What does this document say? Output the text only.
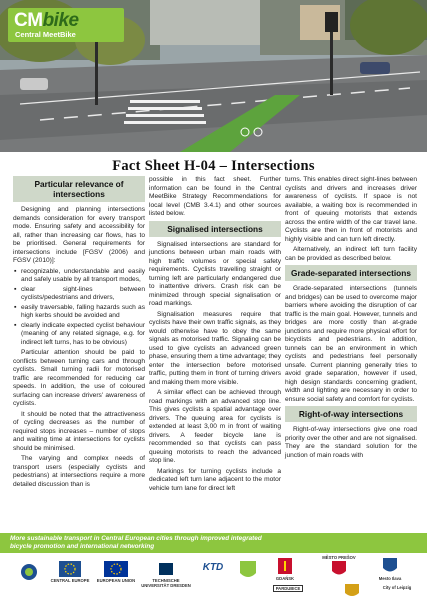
CMbike
Central MeetBike
Fact Sheet H-04 – Intersections
Particular relevance of intersections

Designing and planning intersections demands consideration for every transport mode. Ensuring safety and accessibility for all, rather than increasing car flows, has to be prioritised. General requirements for intersections include [FGSV (2006) and FGSV (2010)]:

▪ recognizable, understandable and easily and safely usable by all transport modes,
▪ clear sight-lines between cyclists/pedestrians and drivers,
▪ easily traversable, falling hazards such as high kerbs should be avoided and
▪ clearly indicate expected cyclist behaviour (meaning of any related signage, e.g. for indirect left turns, has to be obvious)

Particular attention should be paid to conflicts between turning cars and through cyclists. Small turning radii for motorised traffic are recommended for reducing car speeds. In addition, the use of coloured surfacing can increase drivers' awareness of cyclists.

It should be noted that the attractiveness of cycling decreases as the number of required stops increases – number of stops and waiting time at intersections for cyclists should be minimised.

The varying and complex needs of transport users (especially cyclists and pedestrians) at intersections require a more detailed discussion than is

possible in this fact sheet. Further information can be found in the Central MeetBike Strategy Recommendations for local level (CMB 3.4.1) and other sources listed below.

Signalised intersections

Signalised intersections are standard for junctions between urban main roads with high traffic volumes or special safety requirements. Cyclists travelling straight or turning left are particularly endangered due to inattentive drivers. Crash risk can be minimized through special signalisation or road markings.

Signalisation measures require that cyclists have their own traffic signals, as they would otherwise have to obey the same signals as motorised traffic. Signaling can be used to give cyclists an advanced green phase, ensuring them a time advantage; they enter the intersection before motorised traffic, putting them in front of turning drivers and making them more visible.

A similar effect can be achieved through road markings with an advanced stop line. This gives cyclists a spatial advantage over drivers. The queuing area for cyclists is extended at least 3,00 m in front of waiting drivers. A feeder bicycle lane is recommended so that cyclists can pass queuing motorists to reach the advanced stop line.

Markings for turning cyclists include a dedicated left turn lane adjacent to the motor vehicle turn lane for direct left

turns. This enables direct sight-lines between cyclists and drivers and increases driver awareness of cyclists. If space is not available, a waiting box is recommended in front of queuing motorists that extends across the entire width of the car travel lane. Cyclists are then in front of motorists and highly visible and can turn left directly.

Alternatively, an indirect left turn facility can be provided as described below.

Grade-separated intersections

Grade-separated intersections (tunnels and bridges) can be used to overcome major barriers where avoiding the disruption of car traffic is the main goal. However, tunnels and bridges are more costly than at-grade junctions and require more physical effort for bicyclists and pedestrians. In addition, tunnels can be an environment in which cyclists and pedestrians feel personally unsafe. Current planning generally tries to avoid grade separation, however if used, high design standards concerning gradient, width and lighting are necessary in order to ensure social safety and comfort for cyclists.

Right-of-way intersections

Right-of-way intersections give one road priority over the other and are not signalised. They are the standard solution for the junction of main roads with

More sustainable transport in Central European cities through improved integrated bicycle promotion and international networking
CENTRAL EUROPE	EUROPEAN UNION	TECHNISCHE UNIVERSITÄT DRESDEN
KTD
GDAŃSK
PARDUBICE
MĚSTO PREŠOV
Mesto Ilava
City of Leipzig
